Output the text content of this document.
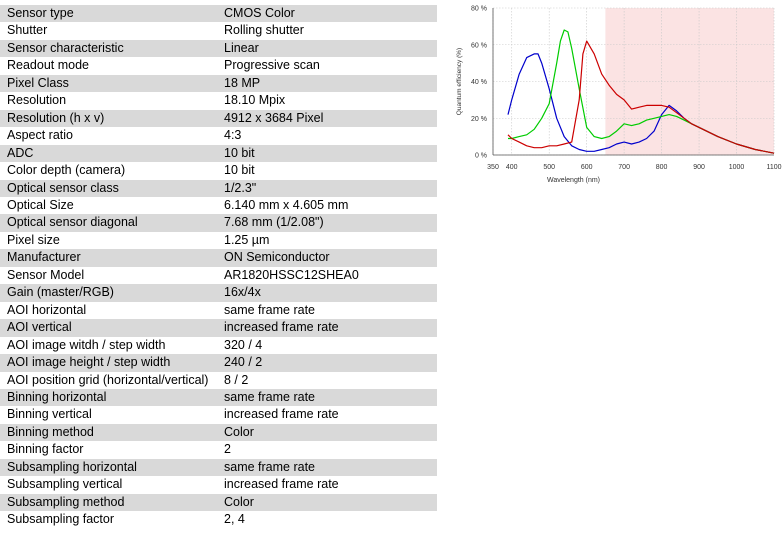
Sensor type	CMOS Color
Shutter	Rolling shutter
Sensor characteristic	Linear
Readout mode	Progressive scan
Pixel Class	18 MP
Resolution	18.10 Mpix
Resolution (h x v)	4912 x 3684 Pixel
Aspect ratio	4:3
ADC	10 bit
Color depth (camera)	10 bit
Optical sensor class	1/2.3"
Optical Size	6.140 mm x 4.605 mm
Optical sensor diagonal	7.68 mm (1/2.08")
Pixel size	1.25 µm
Manufacturer	ON Semiconductor
Sensor Model	AR1820HSSC12SHEA0
Gain (master/RGB)	16x/4x
AOI horizontal	same frame rate
AOI vertical	increased frame rate
AOI image witdh / step width	320 / 4
AOI image height / step width	240 / 2
AOI position grid (horizontal/vertical)	8 / 2
Binning horizontal	same frame rate
Binning vertical	increased frame rate
Binning method	Color
Binning factor	2
Subsampling horizontal	same frame rate
Subsampling vertical	increased frame rate
Subsampling method	Color
Subsampling factor	2, 4
350 400	500	600	700	800	900	1000	1100
0 %
20 %
40 %
60 %
80 %
Wavelength (nm)
Quantum efficiency (%)
